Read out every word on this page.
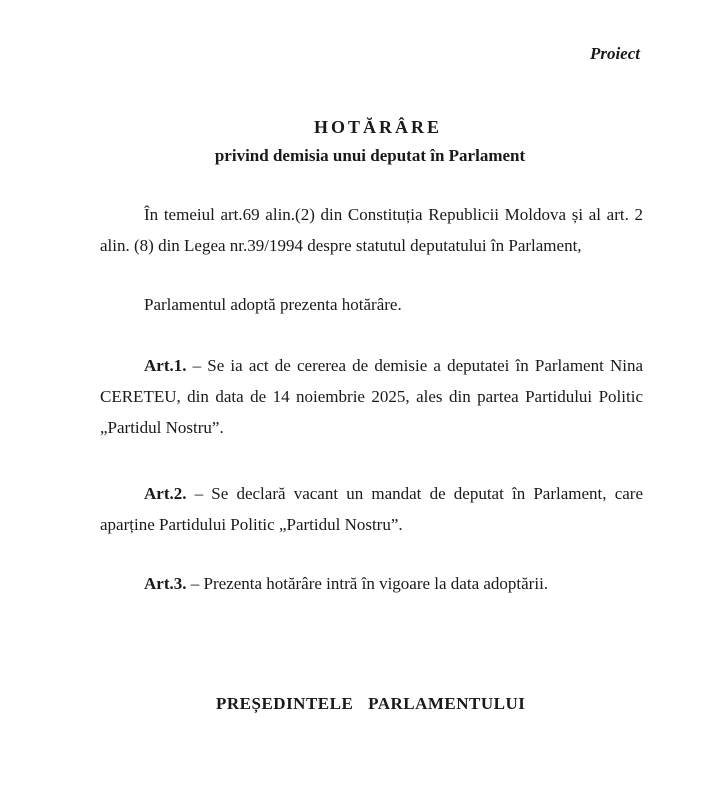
Proiect
HOTĂRÂRE
privind demisia unui deputat în Parlament

În temeiul art.69 alin.(2) din Constituția Republicii Moldova și al art. 2 alin. (8) din Legea nr.39/1994 despre statutul deputatului în Parlament,

Parlamentul adoptă prezenta hotărâre.

Art.1. – Se ia act de cererea de demisie a deputatei în Parlament Nina CERETEU, din data de 14 noiembrie 2025, ales din partea Partidului Politic „Partidul Nostru”.

Art.2. – Se declară vacant un mandat de deputat în Parlament, care aparține Partidului Politic „Partidul Nostru”.

Art.3. – Prezenta hotărâre intră în vigoare la data adoptării.

PREȘEDINTELE PARLAMENTULUI
